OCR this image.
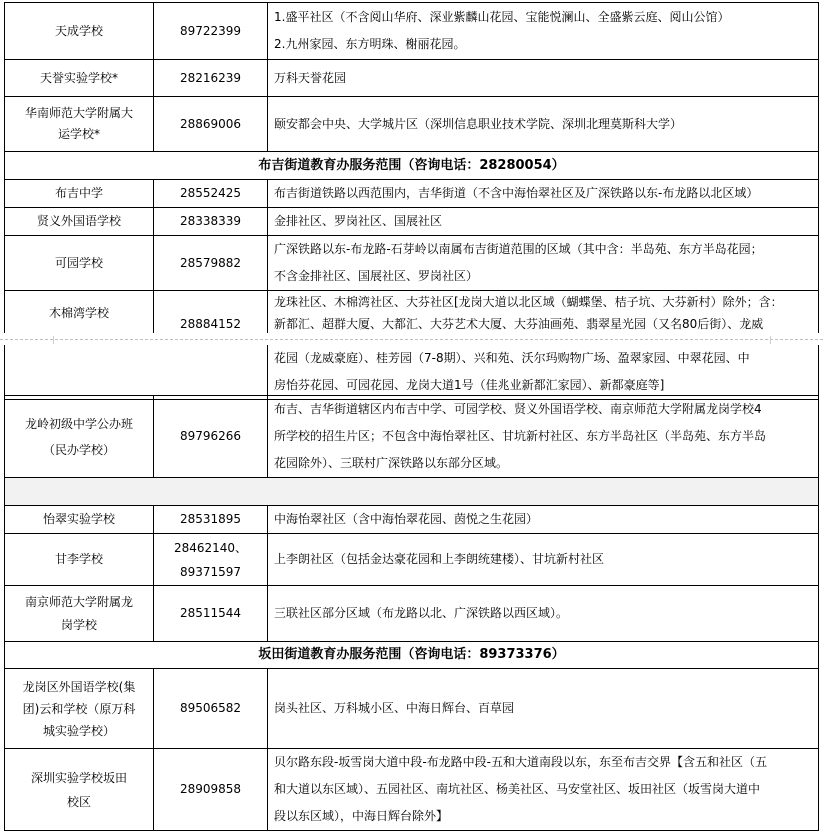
天成学校	89722399	1.盛平社区（不含阅山华府、深业紫麟山花园、宝能悦澜山、全盛紫云庭、阅山公馆）
2.九州家园、东方明珠、榭丽花园。

天誉实验学校*	28216239	万科天誉花园

华南师范大学附属大
运学校*	28869006	颐安都会中央、大学城片区（深圳信息职业技术学院、深圳北理莫斯科大学）

布吉街道教育办服务范围（咨询电话：28280054）		
布吉中学	28552425	布吉街道铁路以西范围内，吉华街道（不含中海怡翠社区及广深铁路以东-布龙路以北区域）

贤义外国语学校	28338339	金排社区、罗岗社区、国展社区

可园学校	28579882	广深铁路以东-布龙路-石芽岭以南属布吉街道范围的区域（其中含：半岛苑、东方半岛花园；
不含金排社区、国展社区、罗岗社区）

木棉湾学校	28884152	龙珠社区、木棉湾社区、大芬社区[龙岗大道以北区域（蝴蝶堡、桔子坑、大芬新村）除外；含：
新都汇、超群大厦、大都汇、大芬艺术大厦、大芬油画苑、翡翠星光园（又名80后街）、龙威

花园（龙威豪庭）、桂芳园（7-8期）、兴和苑、沃尔玛购物广场、盈翠家园、中翠花园、中
房怡芬花园、可园花园、龙岗大道1号（佳兆业新都汇家园）、新都豪庭等]
龙岭初级中学公办班
（民办学校）	89796266	布吉、吉华街道辖区内布吉中学、可园学校、贤义外国语学校、南京师范大学附属龙岗学校4
所学校的招生片区；不包含中海怡翠社区、甘坑新村社区、东方半岛社区（半岛苑、东方半岛
花园除外）、三联村广深铁路以东部分区域。

怡翠实验学校	28531895	中海怡翠社区（含中海怡翠花园、茵悦之生花园）

甘李学校	28462140、
89371597	上李朗社区（包括金达豪花园和上李朗统建楼）、甘坑新村社区

南京师范大学附属龙
岗学校	28511544	三联社区部分区域（布龙路以北、广深铁路以西区域）。

坂田街道教育办服务范围（咨询电话：89373376）		

龙岗区外国语学校(集
团)云和学校（原万科
城实验学校）	89506582	岗头社区、万科城小区、中海日辉台、百草园

深圳实验学校坂田
校区	28909858	贝尔路东段-坂雪岗大道中段-布龙路中段-五和大道南段以东，东至布吉交界【含五和社区（五
和大道以东区域）、五园社区、南坑社区、杨美社区、马安堂社区、坂田社区（坂雪岗大道中
段以东区域），中海日辉台除外】
